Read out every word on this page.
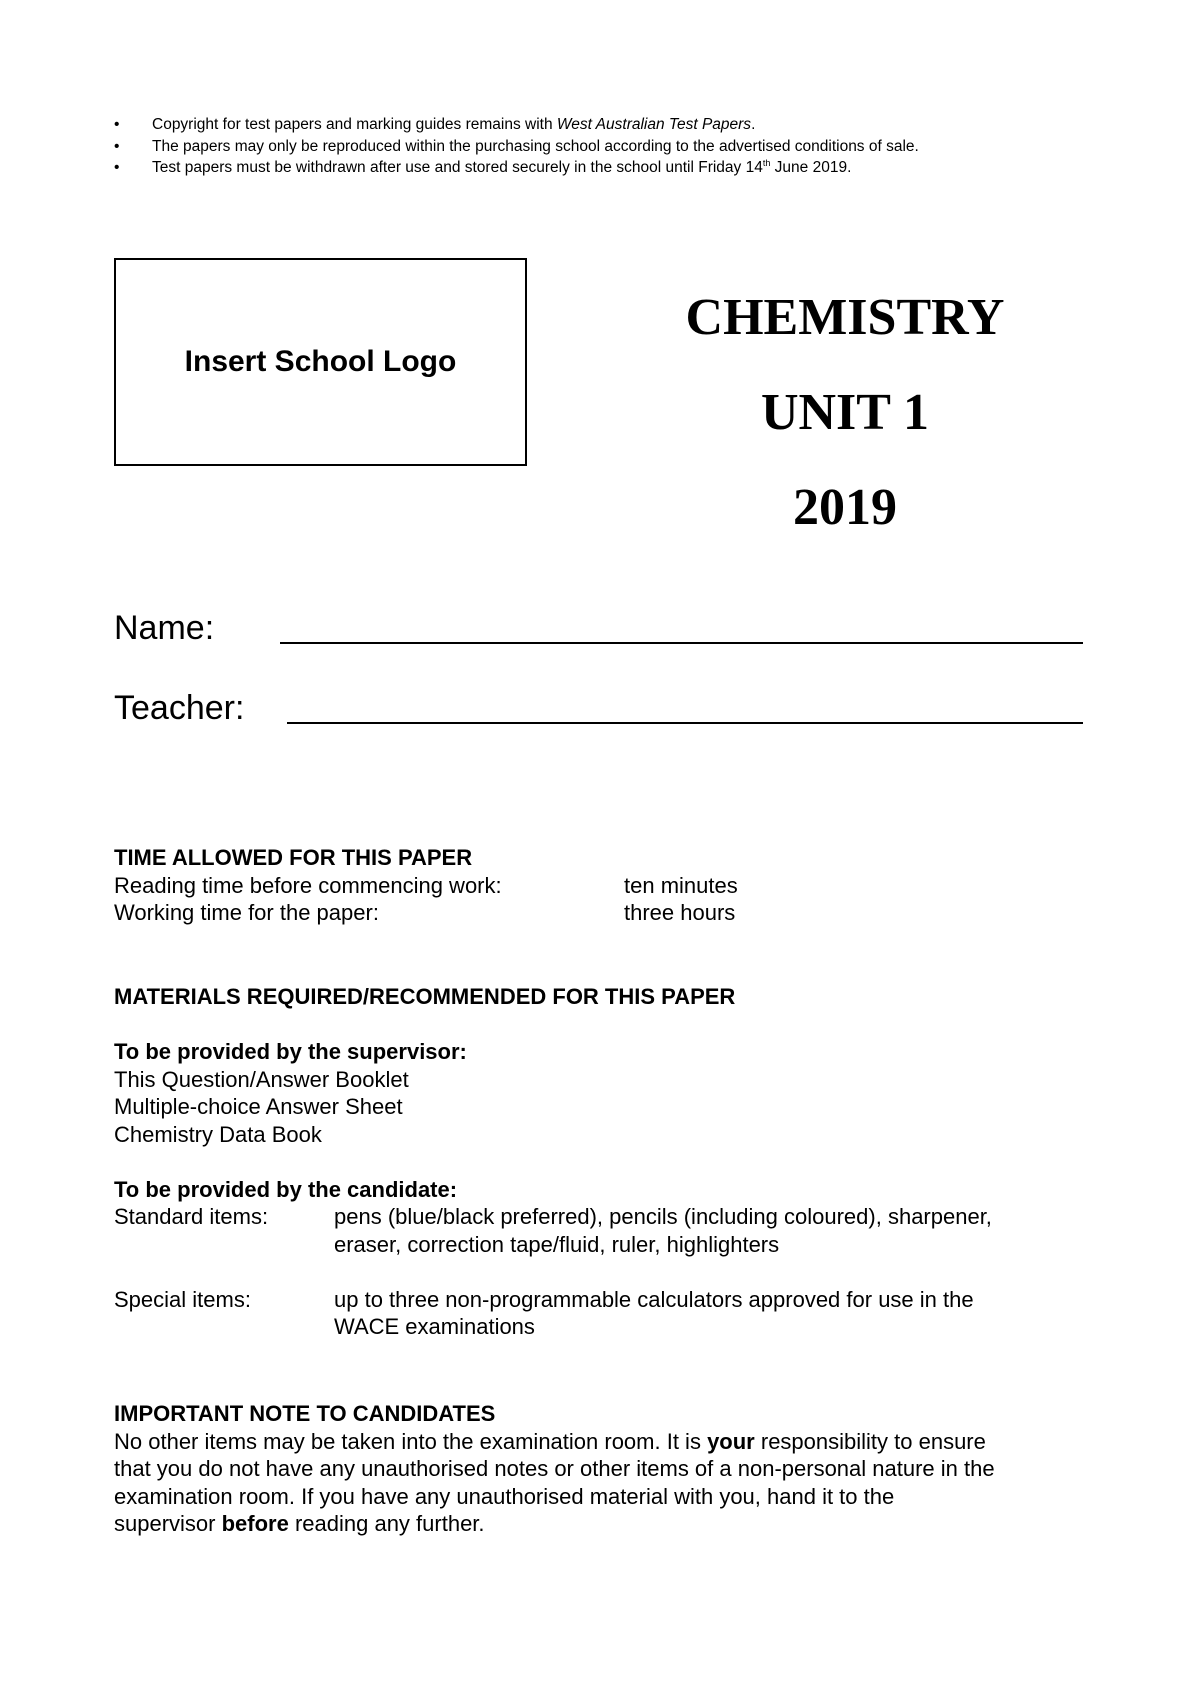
• Copyright for test papers and marking guides remains with West Australian Test Papers.
• The papers may only be reproduced within the purchasing school according to the advertised conditions of sale.
• Test papers must be withdrawn after use and stored securely in the school until Friday 14th June 2019.
Insert School Logo
CHEMISTRY
UNIT 1
2019
Name:
Teacher:
TIME ALLOWED FOR THIS PAPER
Reading time before commencing work:	ten minutes
Working time for the paper:	three hours
MATERIALS REQUIRED/RECOMMENDED FOR THIS PAPER
To be provided by the supervisor:
This Question/Answer Booklet
Multiple-choice Answer Sheet
Chemistry Data Book
To be provided by the candidate:
Standard items:	pens (blue/black preferred), pencils (including coloured), sharpener,
eraser, correction tape/fluid, ruler, highlighters
Special items:	up to three non-programmable calculators approved for use in the
WACE examinations
IMPORTANT NOTE TO CANDIDATES
No other items may be taken into the examination room. It is your responsibility to ensure
that you do not have any unauthorised notes or other items of a non-personal nature in the
examination room. If you have any unauthorised material with you, hand it to the
supervisor before reading any further.
